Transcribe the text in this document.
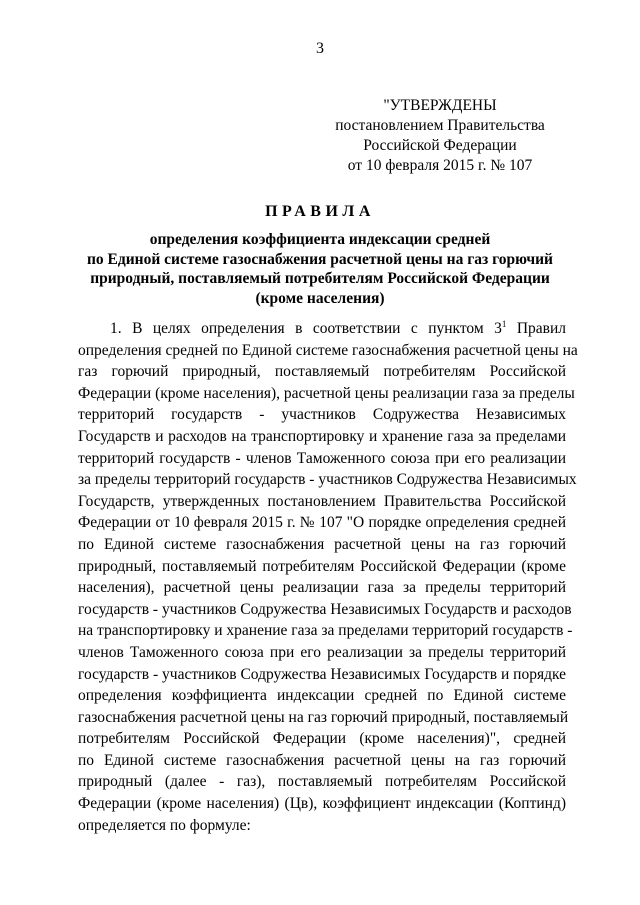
3
"УТВЕРЖДЕНЫ
постановлением Правительства
Российской Федерации
от 10 февраля 2015 г. № 107
ПРАВИЛА
определения коэффициента индексации средней
по Единой системе газоснабжения расчетной цены на газ горючий
природный, поставляемый потребителям Российской Федерации
(кроме населения)
1. В целях определения в соответствии с пунктом $3^1$ Правил
определения средней по Единой системе газоснабжения расчетной цены на
газ горючий природный, поставляемый потребителям Российской
Федерации (кроме населения), расчетной цены реализации газа за пределы
территорий государств - участников Содружества Независимых
Государств и расходов на транспортировку и хранение газа за пределами
территорий государств - членов Таможенного союза при его реализации
за пределы территорий государств - участников Содружества Независимых
Государств, утвержденных постановлением Правительства Российской
Федерации от 10 февраля 2015 г. № 107 "О порядке определения средней
по Единой системе газоснабжения расчетной цены на газ горючий
природный, поставляемый потребителям Российской Федерации (кроме
населения), расчетной цены реализации газа за пределы территорий
государств - участников Содружества Независимых Государств и расходов
на транспортировку и хранение газа за пределами территорий государств -
членов Таможенного союза при его реализации за пределы территорий
государств - участников Содружества Независимых Государств и порядке
определения коэффициента индексации средней по Единой системе
газоснабжения расчетной цены на газ горючий природный, поставляемый
потребителям Российской Федерации (кроме населения)", средней
по Единой системе газоснабжения расчетной цены на газ горючий
природный (далее - газ), поставляемый потребителям Российской
Федерации (кроме населения) (Цв), коэффициент индексации (Коптинд)
определяется по формуле:
